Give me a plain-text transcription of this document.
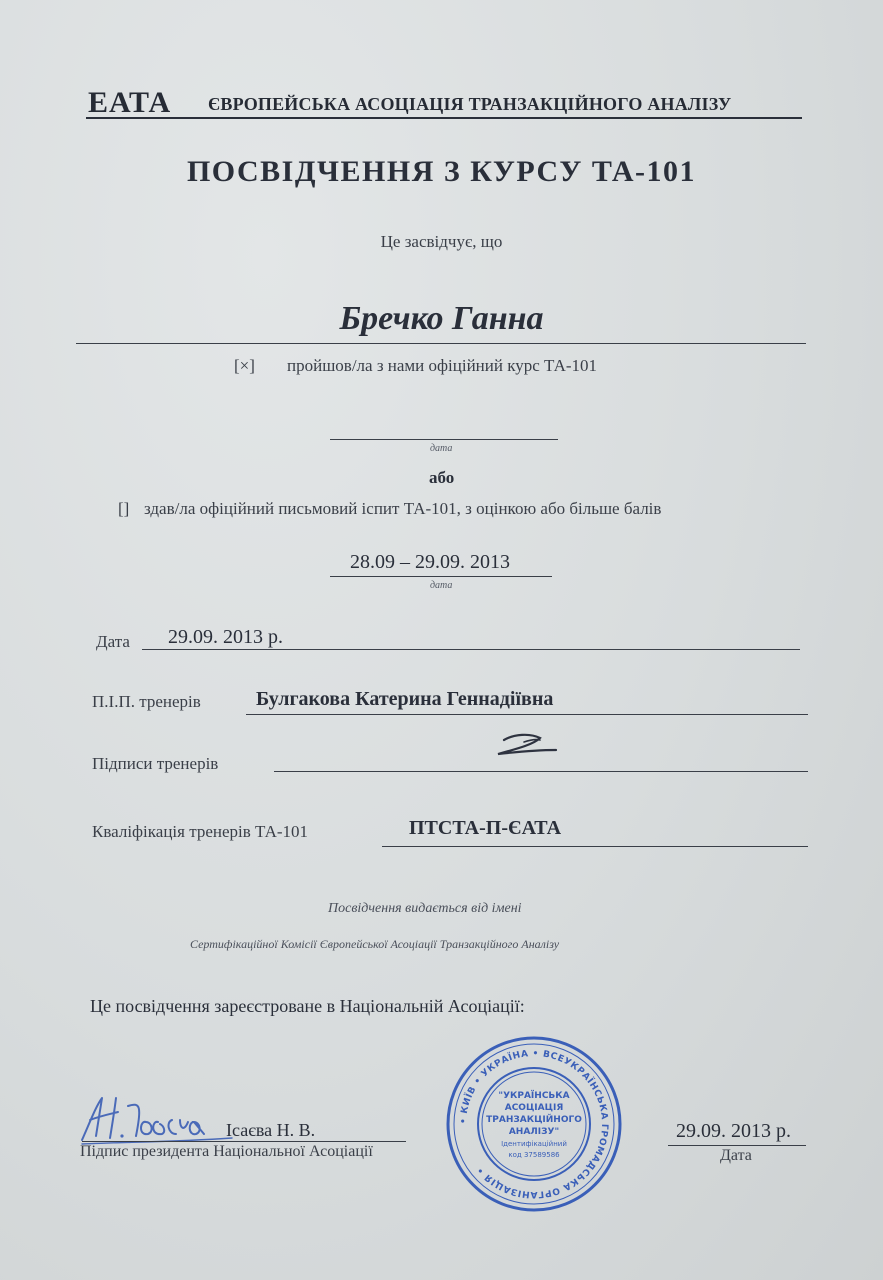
ЕАТА ЄВРОПЕЙСЬКА АСОЦІАЦІЯ ТРАНЗАКЦІЙНОГО АНАЛІЗУ
ПОСВІДЧЕННЯ З КУРСУ ТА-101
Це засвідчує, що
Бречко Ганна
[×] пройшов/ла з нами офіційний курс ТА-101
дата
або
[] здав/ла офіційний письмовий іспит ТА-101, з оцінкою або більше балів
28.09 – 29.09. 2013
дата
Дата 29.09. 2013 р.
П.І.П. тренерів	Булгакова Катерина Геннадіївна
Підписи тренерів
Кваліфікація тренерів ТА-101	ПТСТА-П-ЄАТА
Посвідчення видається від імені
Сертифікаційної Комісії Європейської Асоціації Транзакційного Аналізу
Це посвідчення зареєстроване в Національній Асоціації:
Ісаєва Н. В.
Підпис президента Національної Асоціації
• КИЇВ • УКРАЇНА • ВСЕУКРАЇНСЬКА ГРОМАДСЬКА ОРГАНІЗАЦІЯ •
"УКРАЇНСЬКА
АСОЦІАЦІЯ
ТРАНЗАКЦІЙНОГО
АНАЛІЗУ"
Ідентифікаційний
код 37589586
29.09. 2013 р.
Дата
